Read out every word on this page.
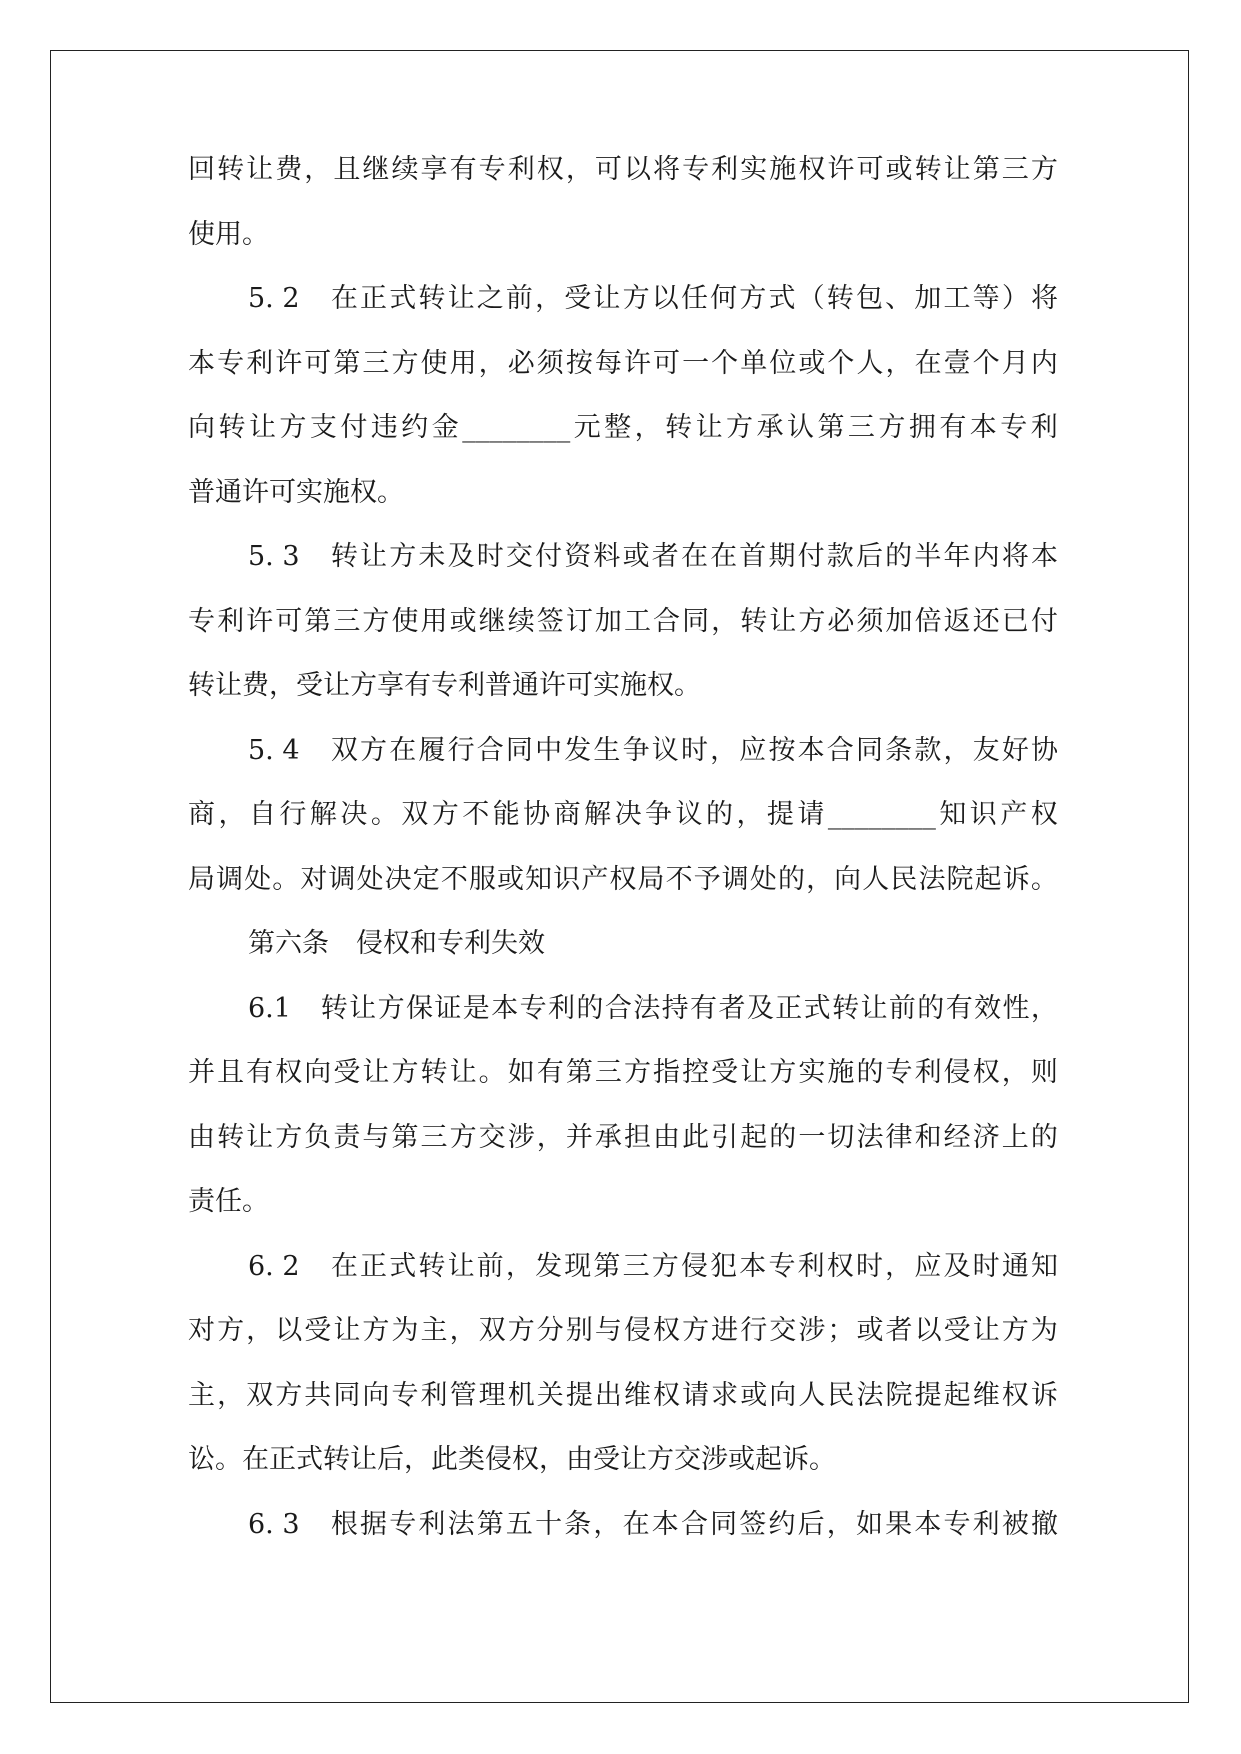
回 转 让 费 ， 且 继 续 享 有 专 利 权 ， 可 以 将 专 利 实 施 权 许 可 或 转 让 第 三 方
使用。
5. 2
　 在 正 式 转 让 之 前 ， 受 让 方 以 任 何 方 式 （ 转 包 、 加 工 等 ） 将
本 专 利 许 可 第 三 方 使 用 ， 必 须 按 每 许 可 一 个 单 位 或 个 人 ， 在 壹 个 月 内
向 转 让 方 支 付 违 约 金 ________ 元 整 ， 转 让 方 承 认 第 三 方 拥 有 本 专 利
普通许可实施权。
5. 3
　 转 让 方 未 及 时 交 付 资 料 或 者 在 在 首 期 付 款 后 的 半 年 内 将 本
专 利 许 可 第 三 方 使 用 或 继 续 签 订 加 工 合 同 ， 转 让 方 必 须 加 倍 返 还 已 付
转让费，受让方享有专利普通许可实施权。
5. 4
　 双 方 在 履 行 合 同 中 发 生 争 议 时 ， 应 按 本 合 同 条 款 ， 友 好 协
商 ， 自 行 解 决 。 双 方 不 能 协 商 解 决 争 议 的 ， 提 请 ________ 知 识 产 权
局 调 处 。 对 调 处 决 定 不 服 或 知 识 产 权 局 不 予 调 处 的 ， 向 人 民 法 院 起 诉 。
第六条　侵权和专利失效
6.1
　 转 让 方 保 证 是 本 专 利 的 合 法 持 有 者 及 正 式 转 让 前 的 有 效 性 ，
并 且 有 权 向 受 让 方 转 让 。 如 有 第 三 方 指 控 受 让 方 实 施 的 专 利 侵 权 ， 则
由 转 让 方 负 责 与 第 三 方 交 涉 ， 并 承 担 由 此 引 起 的 一 切 法 律 和 经 济 上 的
责任。
6. 2
　 在 正 式 转 让 前 ， 发 现 第 三 方 侵 犯 本 专 利 权 时 ， 应 及 时 通 知
对 方 ， 以 受 让 方 为 主 ， 双 方 分 别 与 侵 权 方 进 行 交 涉 ； 或 者 以 受 让 方 为
主 ， 双 方 共 同 向 专 利 管 理 机 关 提 出 维 权 请 求 或 向 人 民 法 院 提 起 维 权 诉
讼。在正式转让后，此类侵权，由受让方交涉或起诉。
6. 3
　 根 据 专 利 法 第 五 十 条 ， 在 本 合 同 签 约 后 ， 如 果 本 专 利 被 撤
